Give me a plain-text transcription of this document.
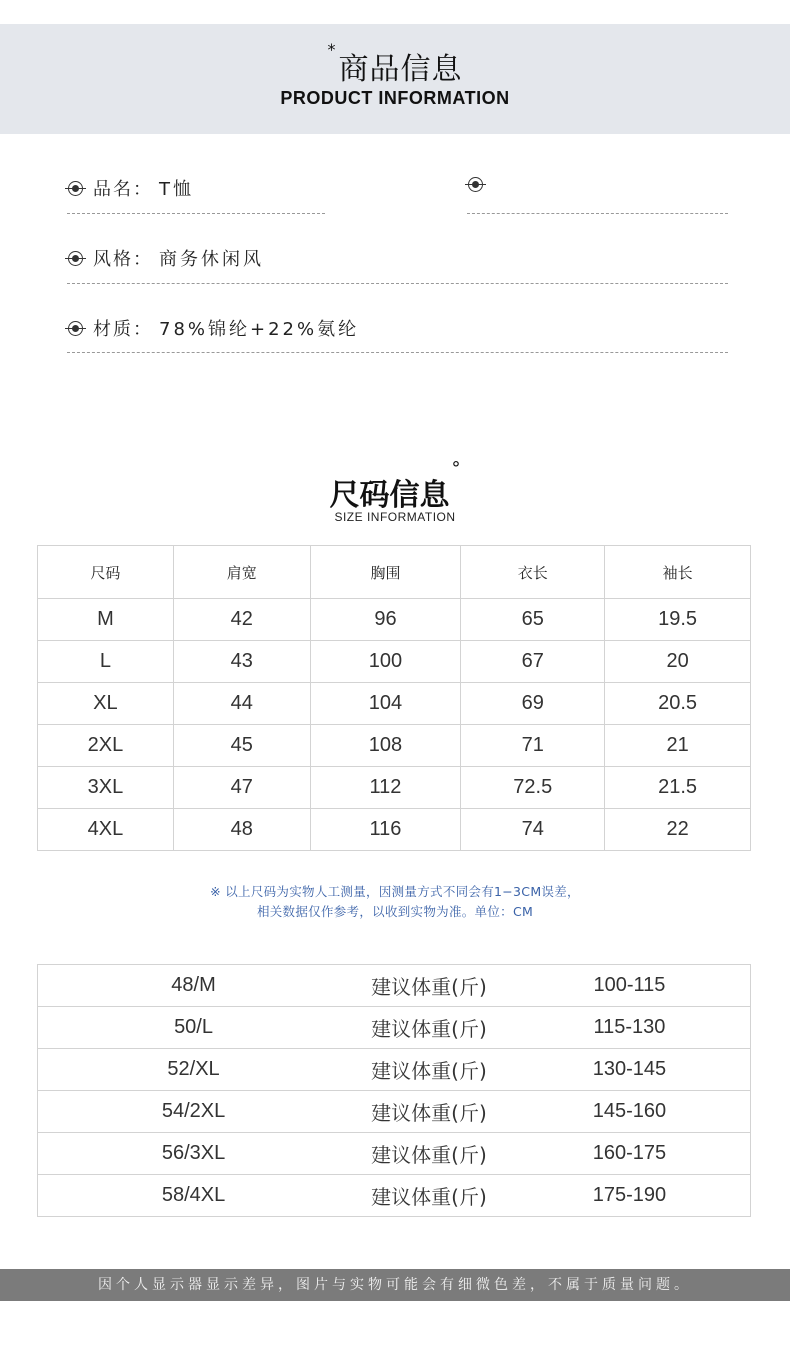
*商品信息
PRODUCT INFORMATION
品名： T恤
风格： 商务休闲风
材质： 78%锦纶+22%氨纶
尺码信息°
SIZE INFORMATION
尺码	肩宽	胸围	衣长	袖长
M	42	96	65	19.5
L	43	100	67	20
XL	44	104	69	20.5
2XL	45	108	71	21
3XL	47	112	72.5	21.5
4XL	48	116	74	22
※ 以上尺码为实物人工测量，因测量方式不同会有1−3CM误差，
相关数据仅作参考，以收到实物为准。单位：CM
48/M	建议体重(斤)	100-115
50/L	建议体重(斤)	115-130
52/XL	建议体重(斤)	130-145
54/2XL	建议体重(斤)	145-160
56/3XL	建议体重(斤)	160-175
58/4XL	建议体重(斤)	175-190
因个人显示器显示差异，图片与实物可能会有细微色差，不属于质量问题。
